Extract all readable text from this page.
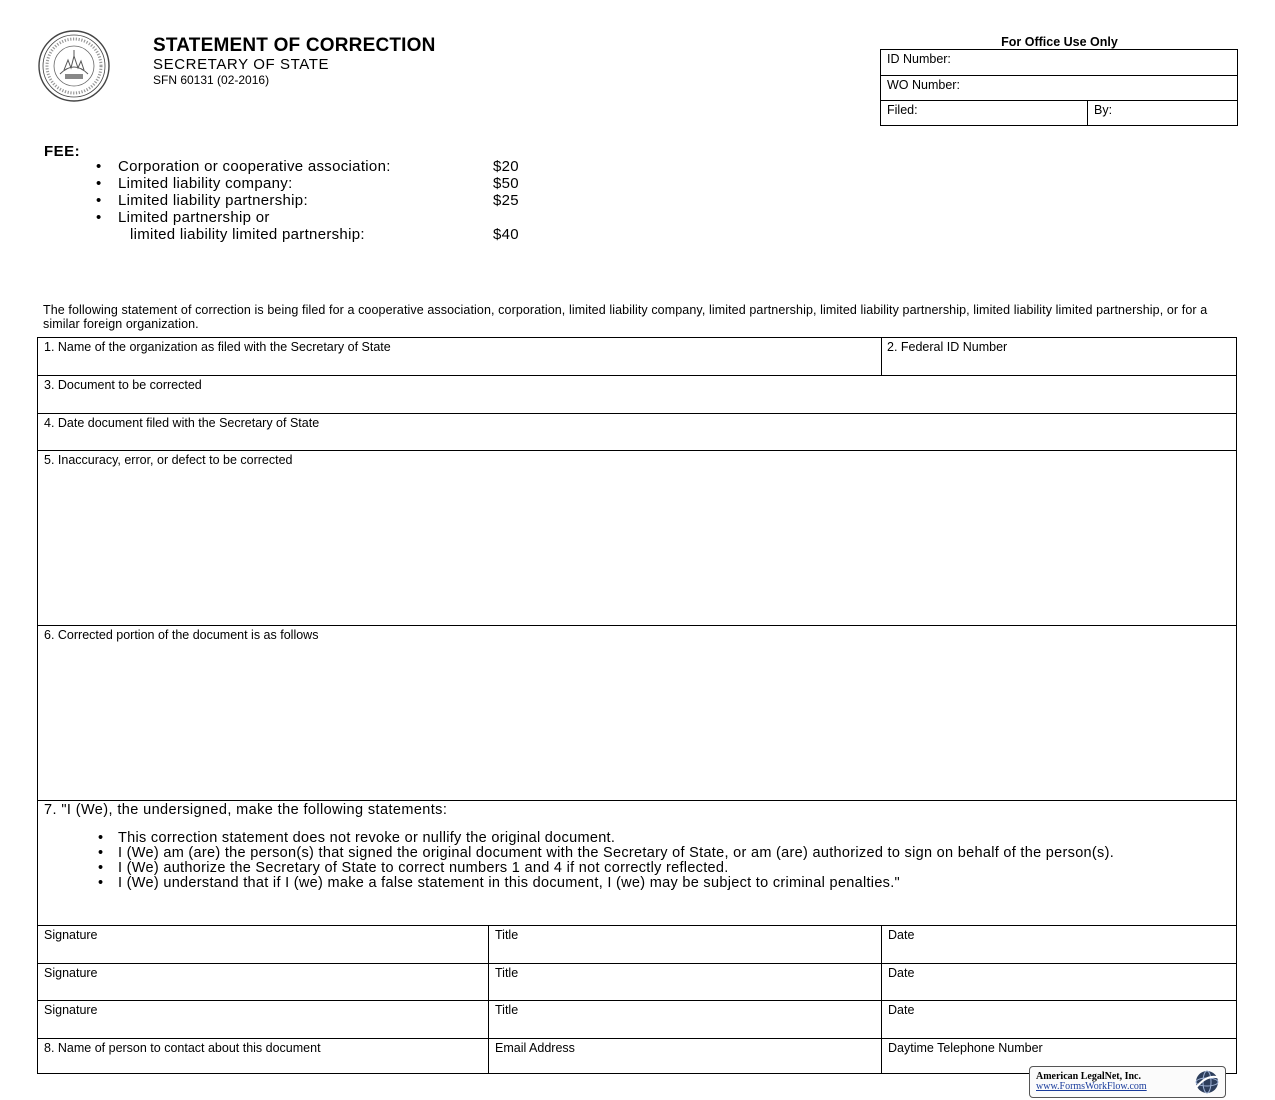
STATEMENT OF CORRECTION
SECRETARY OF STATE
SFN 60131 (02-2016)
For Office Use Only
ID Number:
WO Number:
Filed:	By:
FEE:
• Corporation or cooperative association:	$20
• Limited liability company:	$50
• Limited liability partnership:	$25
• Limited partnership or
limited liability limited partnership:	$40
The following statement of correction is being filed for a cooperative association, corporation, limited liability company, limited partnership, limited liability partnership, limited liability limited partnership, or for a similar foreign organization.
1. Name of the organization as filed with the Secretary of State	2. Federal ID Number
3. Document to be corrected
4. Date document filed with the Secretary of State
5. Inaccuracy, error, or defect to be corrected
6. Corrected portion of the document is as follows
7. "I (We), the undersigned, make the following statements:
• This correction statement does not revoke or nullify the original document.
• I (We) am (are) the person(s) that signed the original document with the Secretary of State, or am (are) authorized to sign on behalf of the person(s).
• I (We) authorize the Secretary of State to correct numbers 1 and 4 if not correctly reflected.
• I (We) understand that if I (we) make a false statement in this document, I (we) may be subject to criminal penalties."
Signature	Title	Date
Signature	Title	Date
Signature	Title	Date
8. Name of person to contact about this document	Email Address	Daytime Telephone Number
American LegalNet, Inc.
www.FormsWorkFlow.com
